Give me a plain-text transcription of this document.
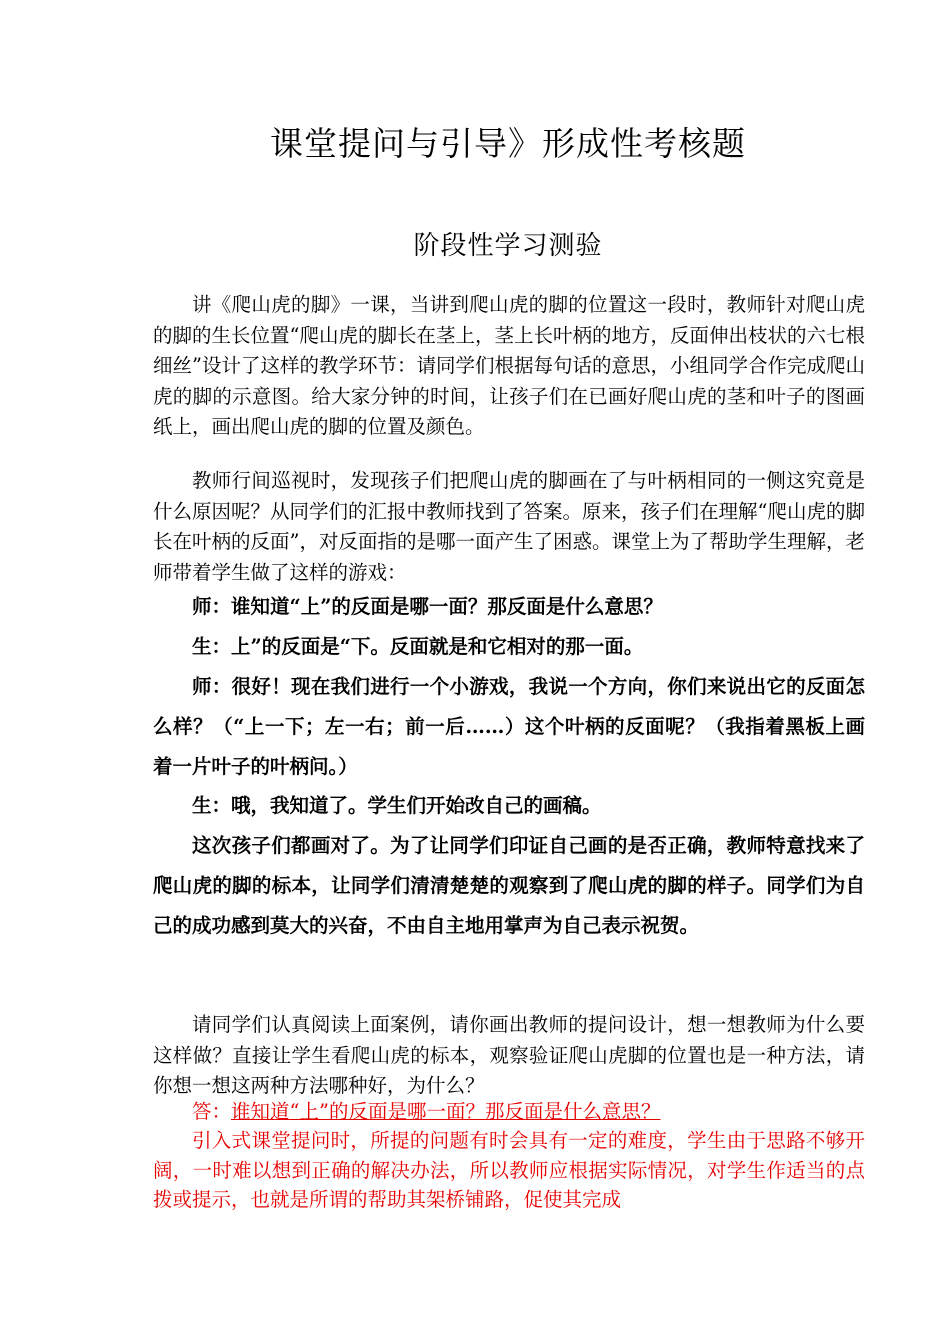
课堂提问与引导》形成性考核题
阶段性学习测验

讲《爬山虎的脚》一课，当讲到爬山虎的脚的位置这一段时，教师针对爬山虎的脚的生长位置“爬山虎的脚长在茎上，茎上长叶柄的地方，反面伸出枝状的六七根细丝”设计了这样的教学环节：请同学们根据每句话的意思，小组同学合作完成爬山虎的脚的示意图。给大家分钟的时间，让孩子们在已画好爬山虎的茎和叶子的图画纸上，画出爬山虎的脚的位置及颜色。

教师行间巡视时，发现孩子们把爬山虎的脚画在了与叶柄相同的一侧这究竟是什么原因呢？从同学们的汇报中教师找到了答案。原来，孩子们在理解“爬山虎的脚长在叶柄的反面”，对反面指的是哪一面产生了困惑。课堂上为了帮助学生理解，老师带着学生做了这样的游戏：

师：谁知道“上”的反面是哪一面？那反面是什么意思？

生：上”的反面是“下。反面就是和它相对的那一面。

师：很好！现在我们进行一个小游戏，我说一个方向，你们来说出它的反面怎么样？（“上一下；左一右；前一后……）这个叶柄的反面呢？（我指着黑板上画着一片叶子的叶柄问。）

生：哦，我知道了。学生们开始改自己的画稿。

这次孩子们都画对了。为了让同学们印证自己画的是否正确，教师特意找来了爬山虎的脚的标本，让同学们清清楚楚的观察到了爬山虎的脚的样子。同学们为自己的成功感到莫大的兴奋，不由自主地用掌声为自己表示祝贺。

请同学们认真阅读上面案例，请你画出教师的提问设计，想一想教师为什么要这样做？直接让学生看爬山虎的标本，观察验证爬山虎脚的位置也是一种方法，请你想一想这两种方法哪种好，为什么？

答：谁知道“上”的反面是哪一面？那反面是什么意思？

引入式课堂提问时，所提的问题有时会具有一定的难度，学生由于思路不够开阔，一时难以想到正确的解决办法，所以教师应根据实际情况，对学生作适当的点拨或提示，也就是所谓的帮助其架桥铺路，促使其完成
